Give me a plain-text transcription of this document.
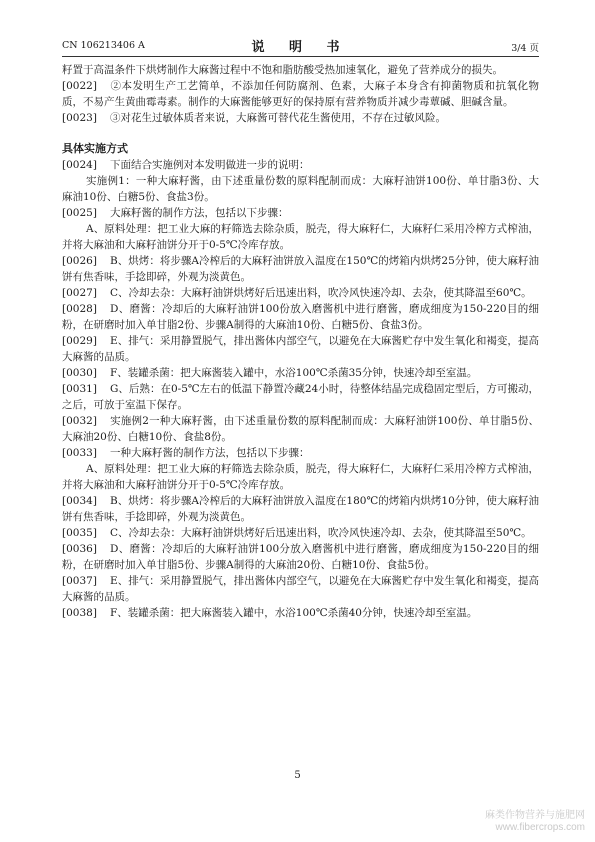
CN 106213406 A	说 明 书	3/4 页

籽置于高温条件下烘烤制作大麻酱过程中不饱和脂肪酸受热加速氧化，避免了营养成分的损失。

[0022] ②本发明生产工艺简单，不添加任何防腐剂、色素，大麻子本身含有抑菌物质和抗氧化物质，不易产生黄曲霉毒素。制作的大麻酱能够更好的保持原有营养物质并减少毒蕈碱、胆碱含量。

[0023] ③对花生过敏体质者来说，大麻酱可替代花生酱使用，不存在过敏风险。

具体实施方式

[0024] 下面结合实施例对本发明做进一步的说明：

实施例1：一种大麻籽酱，由下述重量份数的原料配制而成：大麻籽油饼100份、单甘脂3份、大麻油10份、白糖5份、食盐3份。

[0025] 大麻籽酱的制作方法，包括以下步骤：

A、原料处理：把工业大麻的籽筛选去除杂质，脱壳，得大麻籽仁，大麻籽仁采用冷榨方式榨油，并将大麻油和大麻籽油饼分开于0-5℃冷库存放。

[0026] B、烘烤：将步骤A冷榨后的大麻籽油饼放入温度在150℃的烤箱内烘烤25分钟，使大麻籽油饼有焦香味，手捻即碎，外观为淡黄色。

[0027] C、冷却去杂：大麻籽油饼烘烤好后迅速出料，吹冷风快速冷却、去杂，使其降温至60℃。

[0028] D、磨酱：冷却后的大麻籽油饼100份放入磨酱机中进行磨酱，磨成细度为150-220目的细粉，在研磨时加入单甘脂2份、步骤A制得的大麻油10份、白糖5份、食盐3份。

[0029] E、排气：采用静置脱气，排出酱体内部空气，以避免在大麻酱贮存中发生氧化和褐变，提高大麻酱的品质。

[0030] F、装罐杀菌：把大麻酱装入罐中，水浴100℃杀菌35分钟，快速冷却至室温。

[0031] G、后熟：在0-5℃左右的低温下静置冷藏24小时，待整体结晶完成稳固定型后，方可搬动，之后，可放于室温下保存。

[0032] 实施例2一种大麻籽酱，由下述重量份数的原料配制而成：大麻籽油饼100份、单甘脂5份、大麻油20份、白糖10份、食盐8份。

[0033] 一种大麻籽酱的制作方法，包括以下步骤：

A、原料处理：把工业大麻的籽筛选去除杂质，脱壳，得大麻籽仁，大麻籽仁采用冷榨方式榨油，并将大麻油和大麻籽油饼分开于0-5℃冷库存放。

[0034] B、烘烤：将步骤A冷榨后的大麻籽油饼放入温度在180℃的烤箱内烘烤10分钟，使大麻籽油饼有焦香味，手捻即碎，外观为淡黄色。

[0035] C、冷却去杂：大麻籽油饼烘烤好后迅速出料，吹冷风快速冷却、去杂，使其降温至50℃。

[0036] D、磨酱：冷却后的大麻籽油饼100分放入磨酱机中进行磨酱，磨成细度为150-220目的细粉，在研磨时加入单甘脂5份、步骤A制得的大麻油20份、白糖10份、食盐5份。

[0037] E、排气：采用静置脱气，排出酱体内部空气，以避免在大麻酱贮存中发生氧化和褐变，提高大麻酱的品质。

[0038] F、装罐杀菌：把大麻酱装入罐中，水浴100℃杀菌40分钟，快速冷却至室温。

5
麻类作物营养与施肥网
www.fibercrops.com
